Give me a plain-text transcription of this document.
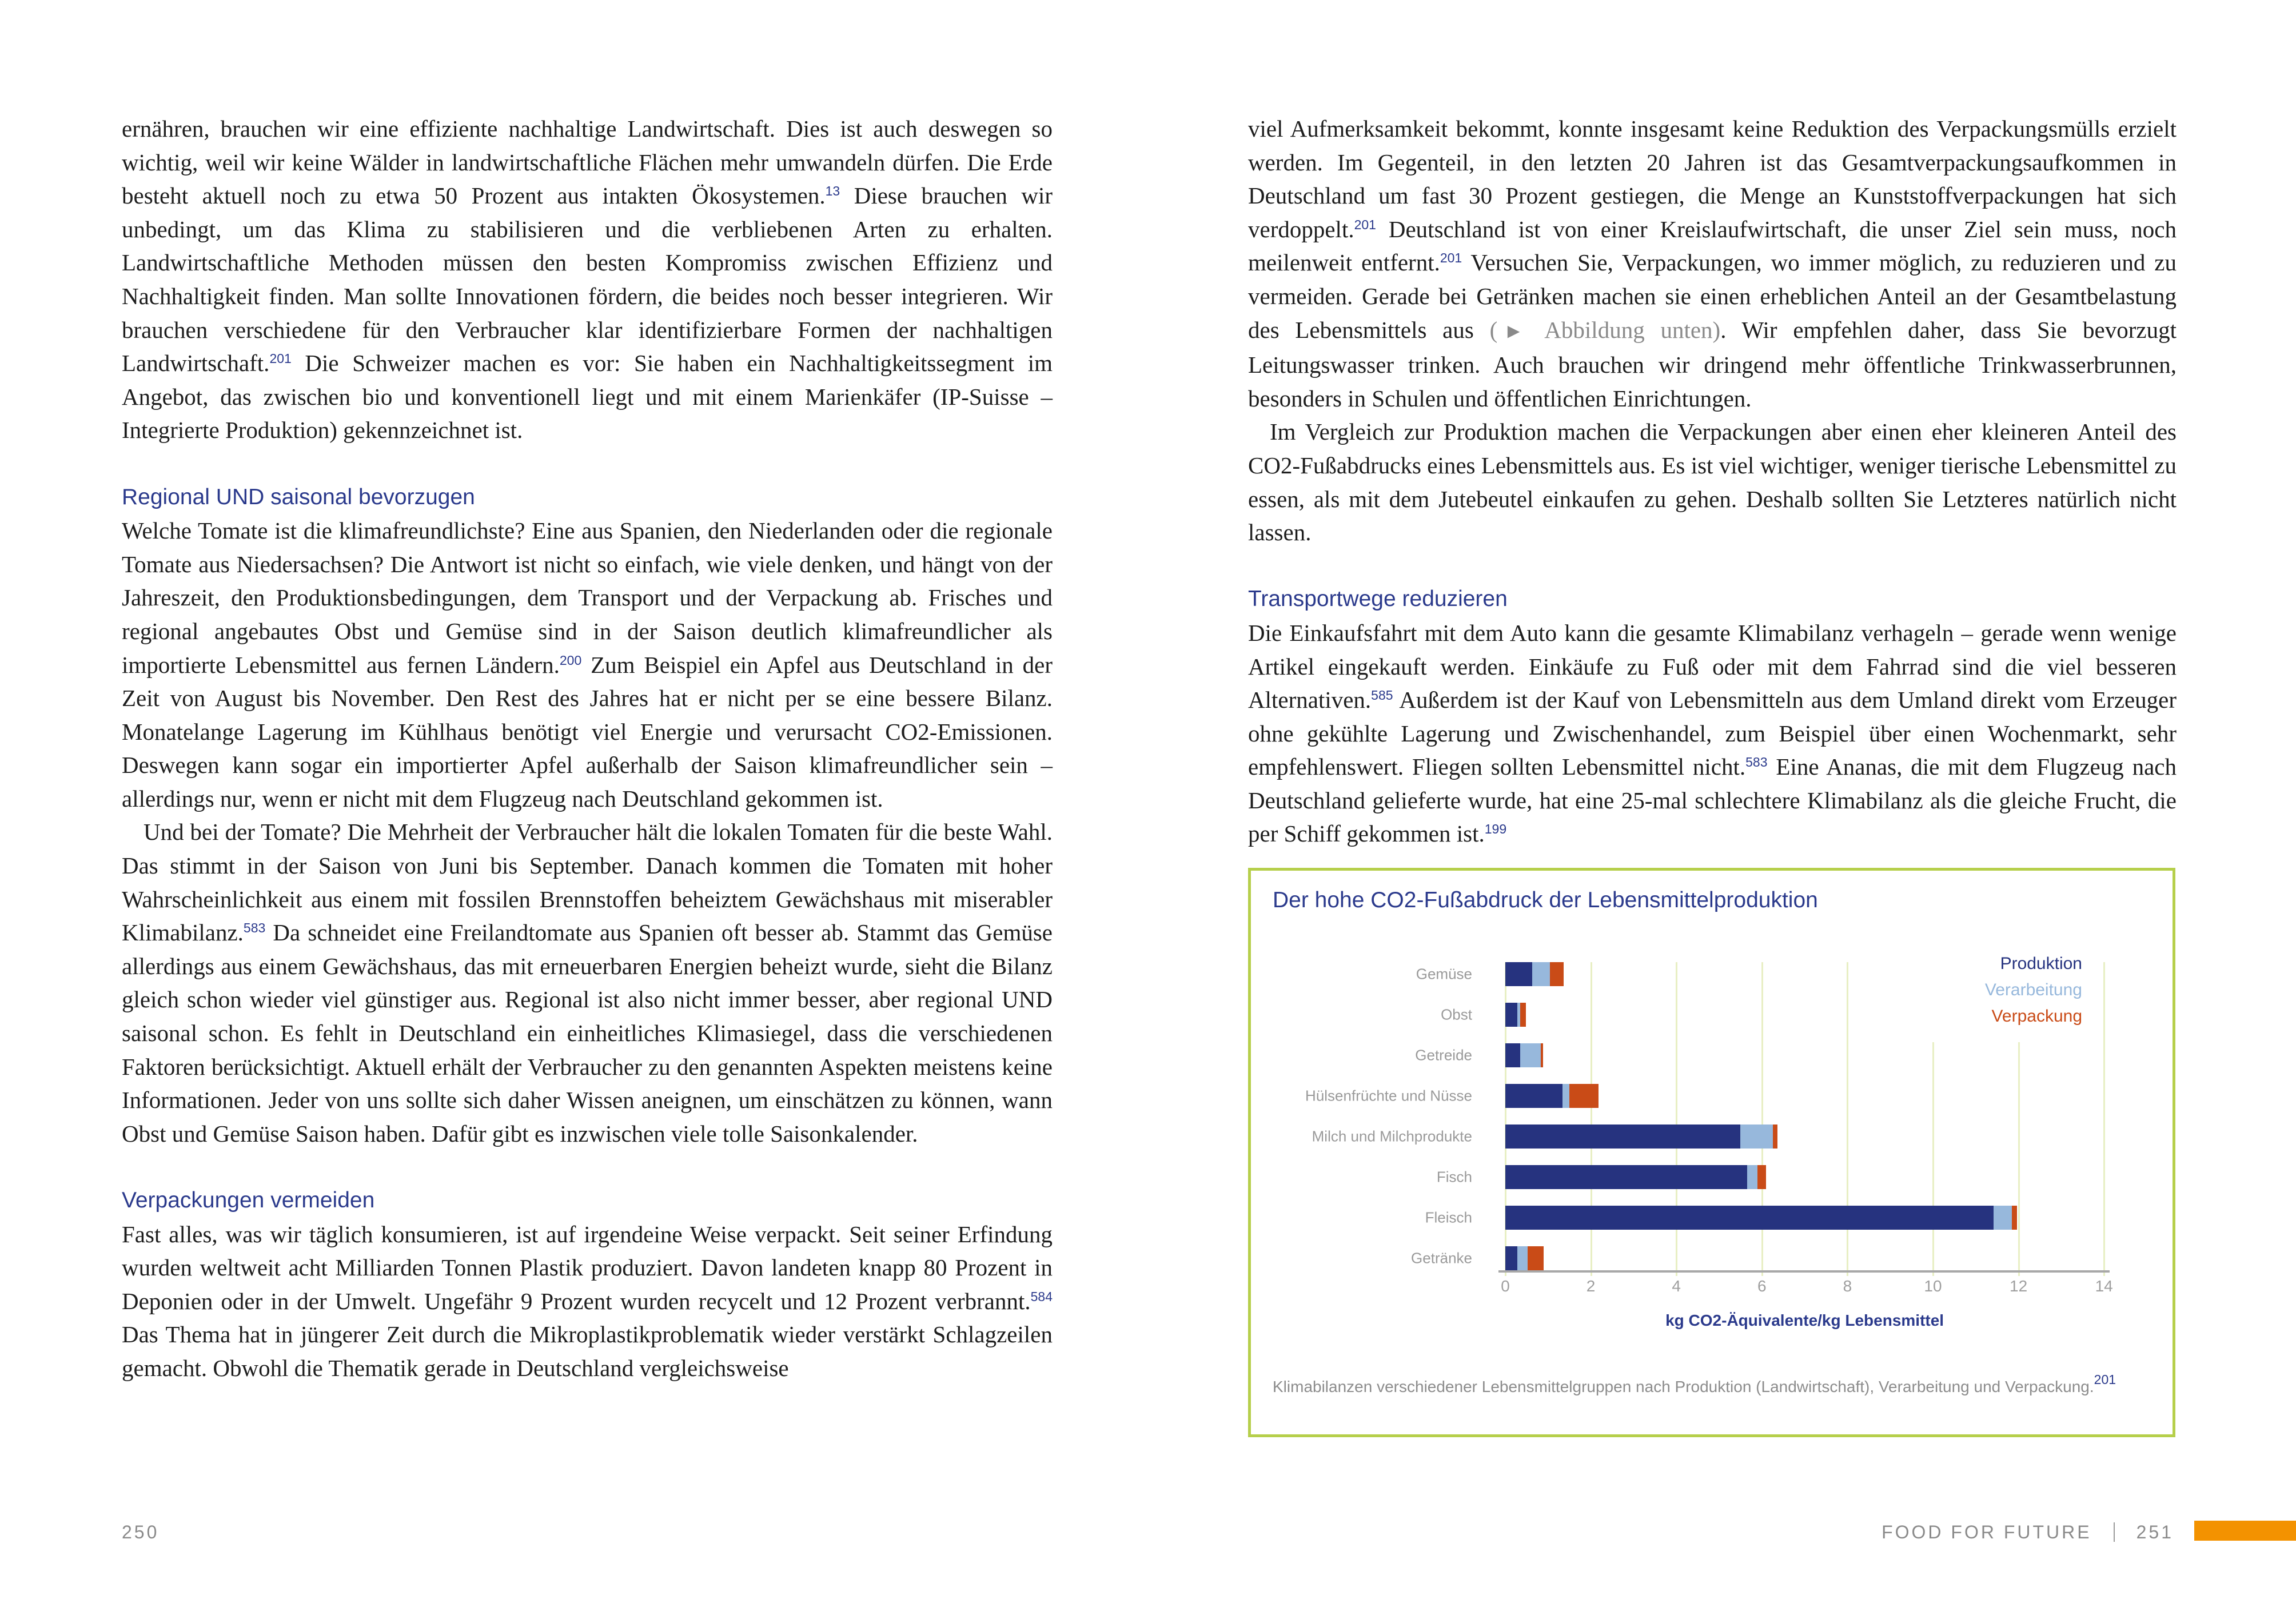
ernähren, brauchen wir eine effiziente nachhaltige Landwirtschaft. Dies ist auch deswegen so wichtig, weil wir keine Wälder in landwirtschaftliche Flächen mehr umwandeln dürfen. Die Erde besteht aktuell noch zu etwa 50 Prozent aus intakten Ökosystemen.$^{13}$ Diese brauchen wir unbedingt, um das Klima zu stabilisieren und die verbliebenen Arten zu erhalten. Landwirtschaftliche Methoden müssen den besten Kompromiss zwischen Effizienz und Nachhaltigkeit finden. Man sollte Innovationen fördern, die beides noch besser integrieren. Wir brauchen verschiedene für den Verbraucher klar identifizierbare Formen der nachhaltigen Landwirtschaft.$^{201}$ Die Schweizer machen es vor: Sie haben ein Nachhaltigkeitssegment im Angebot, das zwischen bio und konventionell liegt und mit einem Marienkäfer (IP-Suisse – Integrierte Produktion) gekennzeichnet ist.

Regional UND saisonal bevorzugen

Welche Tomate ist die klimafreundlichste? Eine aus Spanien, den Niederlanden oder die regionale Tomate aus Niedersachsen? Die Antwort ist nicht so einfach, wie viele denken, und hängt von der Jahreszeit, den Produktionsbedingungen, dem Transport und der Verpackung ab. Frisches und regional angebautes Obst und Gemüse sind in der Saison deutlich klimafreundlicher als importierte Lebensmittel aus fernen Ländern.$^{200}$ Zum Beispiel ein Apfel aus Deutschland in der Zeit von August bis November. Den Rest des Jahres hat er nicht per se eine bessere Bilanz. Monatelange Lagerung im Kühlhaus benötigt viel Energie und verursacht CO2-Emissionen. Deswegen kann sogar ein importierter Apfel außerhalb der Saison klimafreundlicher sein – allerdings nur, wenn er nicht mit dem Flugzeug nach Deutschland gekommen ist.

Und bei der Tomate? Die Mehrheit der Verbraucher hält die lokalen Tomaten für die beste Wahl. Das stimmt in der Saison von Juni bis September. Danach kommen die Tomaten mit hoher Wahrscheinlichkeit aus einem mit fossilen Brennstoffen beheiztem Gewächshaus mit miserabler Klimabilanz.$^{583}$ Da schneidet eine Freilandtomate aus Spanien oft besser ab. Stammt das Gemüse allerdings aus einem Gewächshaus, das mit erneuerbaren Energien beheizt wurde, sieht die Bilanz gleich schon wieder viel günstiger aus. Regional ist also nicht immer besser, aber regional UND saisonal schon. Es fehlt in Deutschland ein einheitliches Klimasiegel, dass die verschiedenen Faktoren berücksichtigt. Aktuell erhält der Verbraucher zu den genannten Aspekten meistens keine Informationen. Jeder von uns sollte sich daher Wissen aneignen, um einschätzen zu können, wann Obst und Gemüse Saison haben. Dafür gibt es inzwischen viele tolle Saisonkalender.

Verpackungen vermeiden

Fast alles, was wir täglich konsumieren, ist auf irgendeine Weise verpackt. Seit seiner Erfindung wurden weltweit acht Milliarden Tonnen Plastik produziert. Davon landeten knapp 80 Prozent in Deponien oder in der Umwelt. Ungefähr 9 Prozent wurden recycelt und 12 Prozent verbrannt.$^{584}$ Das Thema hat in jüngerer Zeit durch die Mikroplastikproblematik wieder verstärkt Schlagzeilen gemacht. Obwohl die Thematik gerade in Deutschland vergleichsweise

viel Aufmerksamkeit bekommt, konnte insgesamt keine Reduktion des Verpackungsmülls erzielt werden. Im Gegenteil, in den letzten 20 Jahren ist das Gesamtverpackungsaufkommen in Deutschland um fast 30 Prozent gestiegen, die Menge an Kunststoffverpackungen hat sich verdoppelt.$^{201}$ Deutschland ist von einer Kreislaufwirtschaft, die unser Ziel sein muss, noch meilenweit entfernt.$^{201}$ Versuchen Sie, Verpackungen, wo immer möglich, zu reduzieren und zu vermeiden. Gerade bei Getränken machen sie einen erheblichen Anteil an der Gesamtbelastung des Lebensmittels aus (▶ Abbildung unten). Wir empfehlen daher, dass Sie bevorzugt Leitungswasser trinken. Auch brauchen wir dringend mehr öffentliche Trinkwasserbrunnen, besonders in Schulen und öffentlichen Einrichtungen.

Im Vergleich zur Produktion machen die Verpackungen aber einen eher kleineren Anteil des CO2-Fußabdrucks eines Lebensmittels aus. Es ist viel wichtiger, weniger tierische Lebensmittel zu essen, als mit dem Jutebeutel einkaufen zu gehen. Deshalb sollten Sie Letzteres natürlich nicht lassen.

Transportwege reduzieren

Die Einkaufsfahrt mit dem Auto kann die gesamte Klimabilanz verhageln – gerade wenn wenige Artikel eingekauft werden. Einkäufe zu Fuß oder mit dem Fahrrad sind die viel besseren Alternativen.$^{585}$ Außerdem ist der Kauf von Lebensmitteln aus dem Umland direkt vom Erzeuger ohne gekühlte Lagerung und Zwischenhandel, zum Beispiel über einen Wochenmarkt, sehr empfehlenswert. Fliegen sollten Lebensmittel nicht.$^{583}$ Eine Ananas, die mit dem Flugzeug nach Deutschland gelieferte wurde, hat eine 25-mal schlechtere Klimabilanz als die gleiche Frucht, die per Schiff gekommen ist.$^{199}$

Der hohe CO2-Fußabdruck der Lebensmittelproduktion
0	2	4	6	8	10	12	14
Gemüse
Obst
Getreide
Hülsenfrüchte und Nüsse
Milch und Milchprodukte
Fisch
Fleisch
Getränke
kg CO2-Äquivalente/kg Lebensmittel
Produktion
Verarbeitung
Verpackung
Klimabilanzen verschiedener Lebensmittelgruppen nach Produktion (Landwirtschaft), Verarbeitung und Verpackung.$^{201}$
250	FOOD FOR FUTURE 251
